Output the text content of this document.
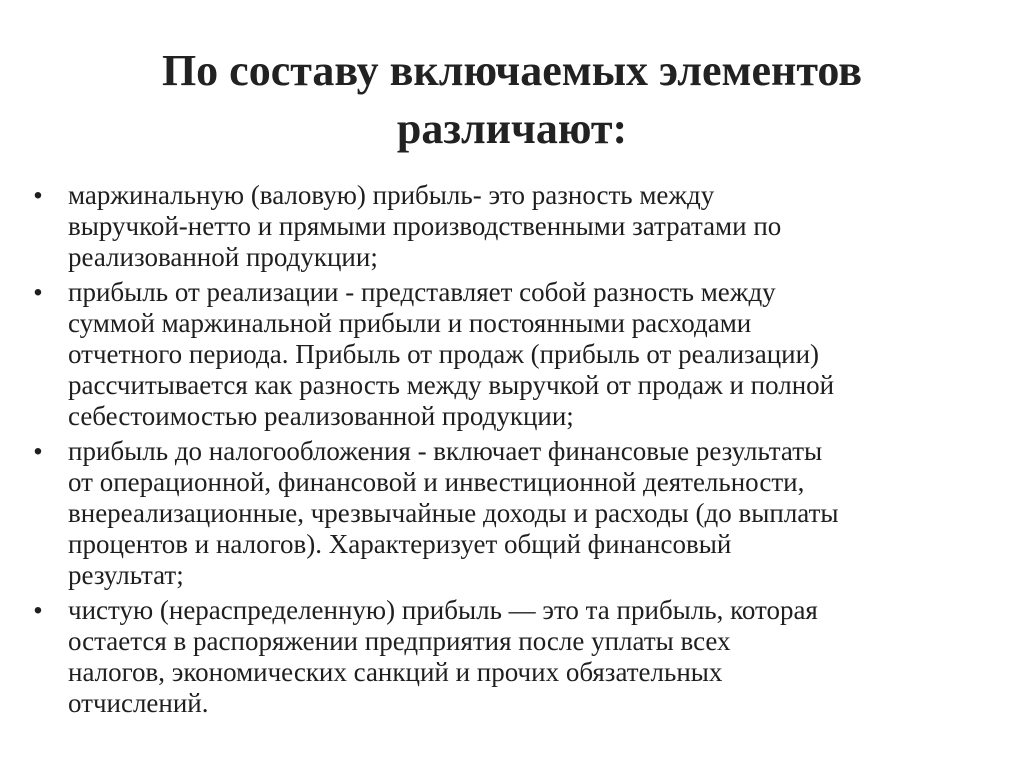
По составу включаемых элементов
различают:
• маржинальную (валовую) прибыль- это разность между
выручкой-нетто и прямыми производственными затратами по
реализованной продукции;
• прибыль от реализации - представляет собой разность между
суммой маржинальной прибыли и постоянными расходами
отчетного периода. Прибыль от продаж (прибыль от реализации)
рассчитывается как разность между выручкой от продаж и полной
себестоимостью реализованной продукции;
• прибыль до налогообложения - включает финансовые результаты
от операционной, финансовой и инвестиционной деятельности,
внереализационные, чрезвычайные доходы и расходы (до выплаты
процентов и налогов). Характеризует общий финансовый
результат;
• чистую (нераспределенную) прибыль — это та прибыль, которая
остается в распоряжении предприятия после уплаты всех
налогов, экономических санкций и прочих обязательных
отчислений.
